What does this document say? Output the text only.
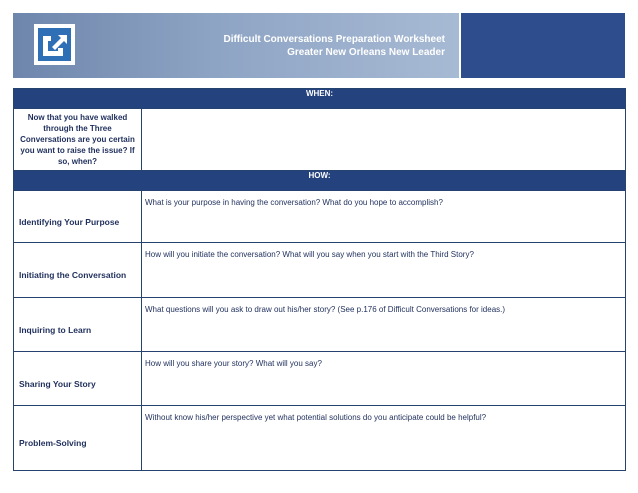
Difficult Conversations Preparation Worksheet
Greater New Orleans New Leader
WHEN:	
Now that you have walked through the Three Conversations are you certain you want to raise the issue? If so, when?	
HOW:	
Identifying Your Purpose	What is your purpose in having the conversation? What do you hope to accomplish?
Initiating the Conversation	How will you initiate the conversation? What will you say when you start with the Third Story?
Inquiring to Learn	What questions will you ask to draw out his/her story? (See p.176 of Difficult Conversations for ideas.)
Sharing Your Story	How will you share your story? What will you say?
Problem-Solving	Without know his/her perspective yet what potential solutions do you anticipate could be helpful?
